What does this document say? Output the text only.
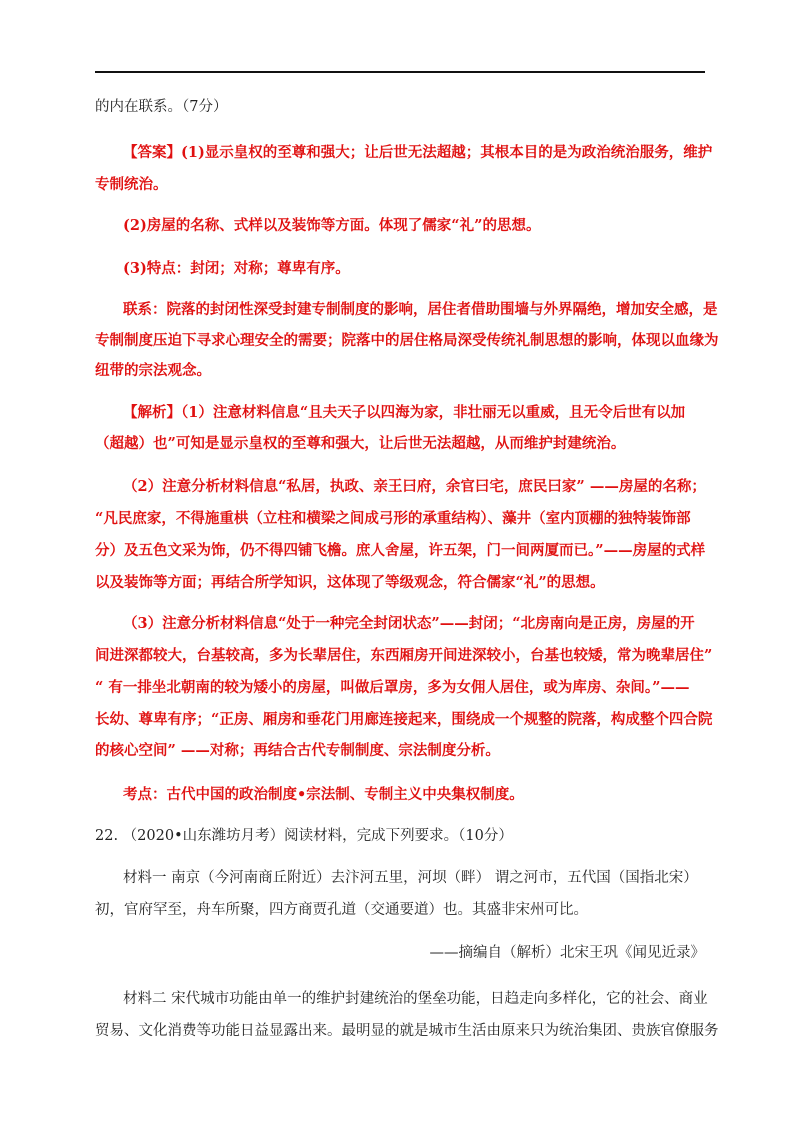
的内在联系。（7分）
【答案】(1)显示皇权的至尊和强大；让后世无法超越；其根本目的是为政治统治服务，维护
专制统治。
(2)房屋的名称、式样以及装饰等方面。体现了儒家“礼”的思想。
(3)特点：封闭；对称；尊卑有序。
联系：院落的封闭性深受封建专制制度的影响，居住者借助围墙与外界隔绝，增加安全感，是
专制制度压迫下寻求心理安全的需要；院落中的居住格局深受传统礼制思想的影响，体现以血缘为
纽带的宗法观念。
【解析】（1）注意材料信息“且夫天子以四海为家，非壮丽无以重威，且无令后世有以加
（超越）也”可知是显示皇权的至尊和强大，让后世无法超越，从而维护封建统治。
（2）注意分析材料信息“私居，执政、亲王曰府，余官曰宅，庶民曰家” ——房屋的名称；
“凡民庶家，不得施重栱（立柱和横梁之间成弓形的承重结构）、藻井（室内顶棚的独特装饰部
分）及五色文采为饰，仍不得四铺飞檐。庶人舍屋，许五架，门一间两厦而已。”——房屋的式样
以及装饰等方面；再结合所学知识，这体现了等级观念，符合儒家“礼”的思想。
（3）注意分析材料信息“处于一种完全封闭状态”——封闭；“北房南向是正房，房屋的开
间进深都较大，台基较高，多为长辈居住，东西厢房开间进深较小，台基也较矮，常为晚辈居住”
“ 有一排坐北朝南的较为矮小的房屋，叫做后罩房，多为女佣人居住，或为库房、杂间。”——
长幼、尊卑有序；“正房、厢房和垂花门用廊连接起来，围绕成一个规整的院落，构成整个四合院
的核心空间” ——对称；再结合古代专制制度、宗法制度分析。
考点：古代中国的政治制度•宗法制、专制主义中央集权制度。
22. （2020•山东潍坊月考）阅读材料，完成下列要求。（10分）
材料一 南京（今河南商丘附近）去汴河五里，河坝（畔） 谓之河市，五代国（国指北宋）
初，官府罕至，舟车所聚，四方商贾孔道（交通要道）也。其盛非宋州可比。
——摘编自（解析）北宋王巩《闻见近录》
材料二 宋代城市功能由单一的维护封建统治的堡垒功能，日趋走向多样化，它的社会、商业
贸易、文化消费等功能日益显露出来。最明显的就是城市生活由原来只为统治集团、贵族官僚服务
